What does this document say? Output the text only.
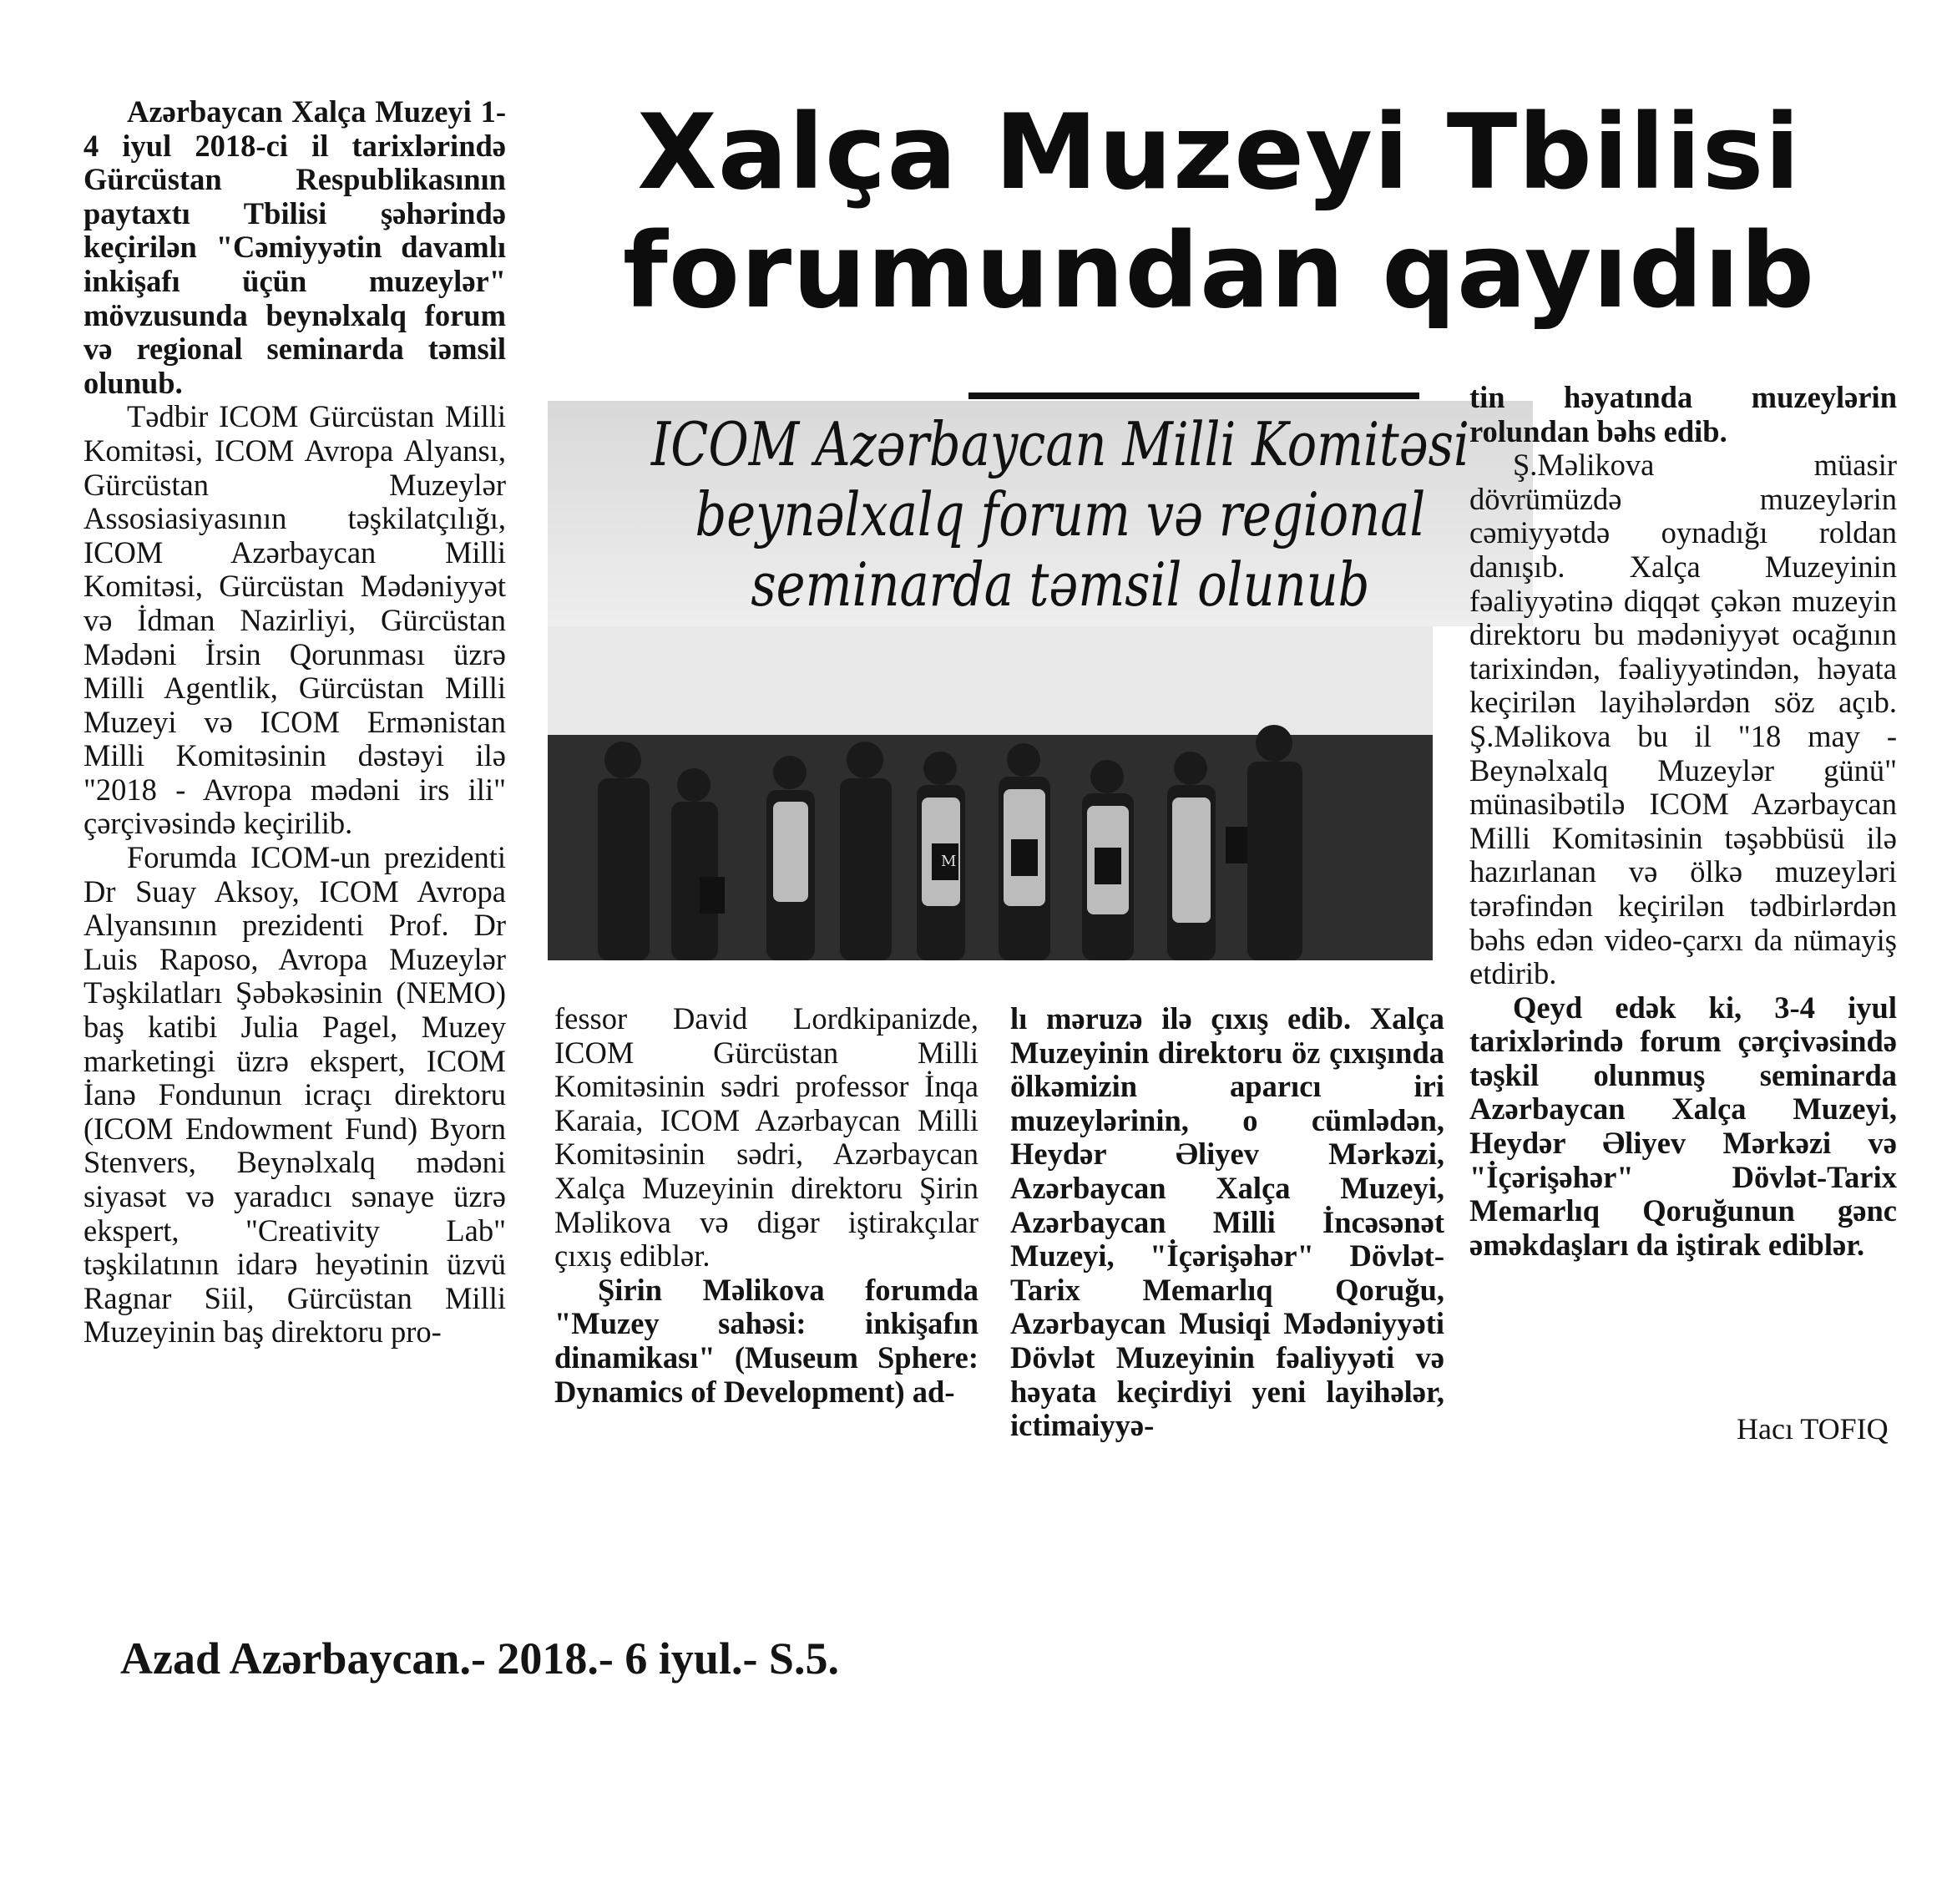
Xalça Muzeyi Tbilisi
forumundan qayıdıb

Azərbaycan Xalça Muzeyi 1-4 iyul 2018-ci il tarixlərində Gürcüstan Respublikasının paytaxtı Tbilisi şəhərində keçirilən "Cəmiyyətin davamlı inkişafı üçün muzeylər" mövzusunda beynəlxalq forum və regional seminarda təmsil olunub.

Tədbir ICOM Gürcüstan Milli Komitəsi, ICOM Avropa Alyansı, Gürcüstan Muzeylər Assosiasiyasının təşkilatçılığı, ICOM Azərbaycan Milli Komitəsi, Gürcüstan Mədəniyyət və İdman Nazirliyi, Gürcüstan Mədəni İrsin Qorunması üzrə Milli Agentlik, Gürcüstan Milli Muzeyi və ICOM Ermənistan Milli Komitəsinin dəstəyi ilə "2018 - Avropa mədəni irs ili" çərçivəsində keçirilib.

Forumda ICOM-un prezidenti Dr Suay Aksoy, ICOM Avropa Alyansının prezidenti Prof. Dr Luis Raposo, Avropa Muzeylər Təşkilatları Şəbəkəsinin (NEMO) baş katibi Julia Pagel, Muzey marketingi üzrə ekspert, ICOM İanə Fondunun icraçı direktoru (ICOM Endowment Fund) Byorn Stenvers, Beynəlxalq mədəni siyasət və yaradıcı sənaye üzrə ekspert, "Creativity Lab" təşkilatının idarə heyətinin üzvü Ragnar Siil, Gürcüstan Milli Muzeyinin baş direktoru pro-

ICOM Azərbaycan Milli Komitəsi
beynəlxalq forum və regional
seminarda təmsil olunub
M

fessor David Lordkipanizde, ICOM Gürcüstan Milli Komitəsinin sədri professor İnqa Karaia, ICOM Azərbaycan Milli Komitəsinin sədri, Azərbaycan Xalça Muzeyinin direktoru Şirin Məlikova və digər iştirakçılar çıxış ediblər.

Şirin Məlikova forumda "Muzey sahəsi: inkişafın dinamikası" (Museum Sphere: Dynamics of Development) ad-

lı məruzə ilə çıxış edib. Xalça Muzeyinin direktoru öz çıxışında ölkəmizin aparıcı iri muzeylərinin, o cümlədən, Heydər Əliyev Mərkəzi, Azərbaycan Xalça Muzeyi, Azərbaycan Milli İncəsənət Muzeyi, "İçərişəhər" Dövlət-Tarix Memarlıq Qoruğu, Azərbaycan Musiqi Mədəniyyəti Dövlət Muzeyinin fəaliyyəti və həyata keçirdiyi yeni layihələr, ictimaiyyə-

tin həyatında muzeylərin rolundan bəhs edib.

Ş.Məlikova müasir dövrümüzdə muzeylərin cəmiyyətdə oynadığı roldan danışıb. Xalça Muzeyinin fəaliyyətinə diqqət çəkən muzeyin direktoru bu mədəniyyət ocağının tarixindən, fəaliyyətindən, həyata keçirilən layihələrdən söz açıb. Ş.Məlikova bu il "18 may - Beynəlxalq Muzeylər günü" münasibətilə ICOM Azərbaycan Milli Komitəsinin təşəbbüsü ilə hazırlanan və ölkə muzeyləri tərəfindən keçirilən tədbirlərdən bəhs edən video-çarxı da nümayiş etdirib.

Qeyd edək ki, 3-4 iyul tarixlərində forum çərçivəsində təşkil olunmuş seminarda Azərbaycan Xalça Muzeyi, Heydər Əliyev Mərkəzi və "İçərişəhər" Dövlət-Tarix Memarlıq Qoruğunun gənc əməkdaşları da iştirak ediblər.

Hacı TOFIQ
Azad Azərbaycan.- 2018.- 6 iyul.- S.5.
